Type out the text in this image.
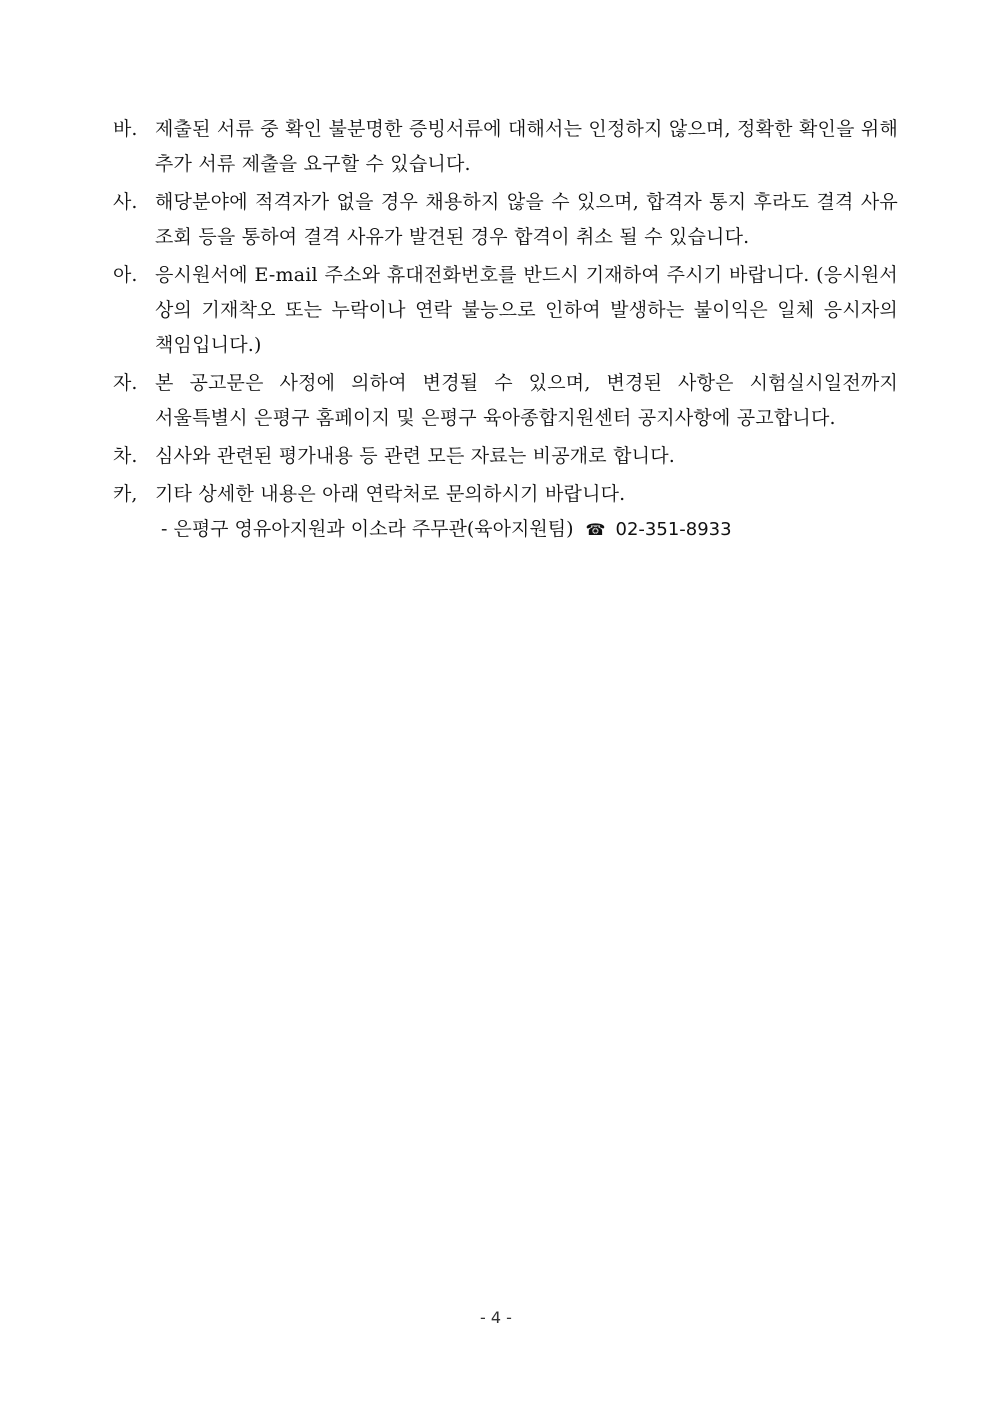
바. 제출된 서류 중 확인 불분명한 증빙서류에 대해서는 인정하지 않으며, 정확한 확인을 위해 추가 서류 제출을 요구할 수 있습니다.
사. 해당분야에 적격자가 없을 경우 채용하지 않을 수 있으며, 합격자 통지 후라도 결격 사유 조회 등을 통하여 결격 사유가 발견된 경우 합격이 취소 될 수 있습니다.
아. 응시원서에 E-mail 주소와 휴대전화번호를 반드시 기재하여 주시기 바랍니다. (응시원서 상의 기재착오 또는 누락이나 연락 불능으로 인하여 발생하는 불이익은 일체 응시자의 책임입니다.)
자. 본 공고문은 사정에 의하여 변경될 수 있으며, 변경된 사항은 시험실시일전까지 서울특별시 은평구 홈페이지 및 은평구 육아종합지원센터 공지사항에 공고합니다.
차. 심사와 관련된 평가내용 등 관련 모든 자료는 비공개로 합니다.
카, 기타 상세한 내용은 아래 연락처로 문의하시기 바랍니다.
- 은평구 영유아지원과 이소라 주무관(육아지원팀) ☎ 02-351-8933
- 4 -
